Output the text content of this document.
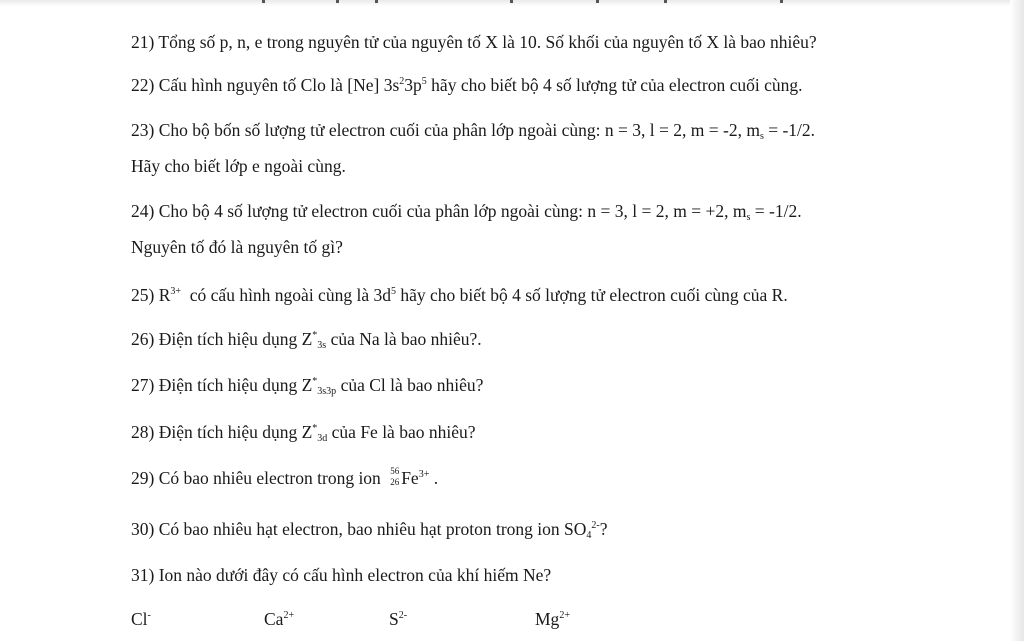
21) Tổng số p, n, e trong nguyên tử của nguyên tố X là 10. Số khối của nguyên tố X là bao nhiêu?
22) Cấu hình nguyên tố Clo là [Ne] $3s^23p^5$ hãy cho biết bộ 4 số lượng tử của electron cuối cùng.
23) Cho bộ bốn số lượng tử electron cuối của phân lớp ngoài cùng: n = 3, l = 2, m = -2, $m_s = -1/2$.
Hãy cho biết lớp e ngoài cùng.
24) Cho bộ 4 số lượng tử electron cuối của phân lớp ngoài cùng: n = 3, l = 2, m = +2, $m_s = -1/2$.
Nguyên tố đó là nguyên tố gì?
25) $R^{3+}$  có cấu hình ngoài cùng là $3d^5$ hãy cho biết bộ 4 số lượng tử electron cuối cùng của R.
26) Điện tích hiệu dụng $Z^*_{3s}$ của Na là bao nhiêu?.
27) Điện tích hiệu dụng $Z^*_{3s3p}$ của Cl là bao nhiêu?
28) Điện tích hiệu dụng $Z^*_{3d}$ của Fe là bao nhiêu?
29) Có bao nhiêu electron trong ion 56
26 $Fe^{3+}$ .
30) Có bao nhiêu hạt electron, bao nhiêu hạt proton trong ion $SO_4^{2-}$?
31) Ion nào dưới đây có cấu hình electron của khí hiếm Ne?
Cl-	$Ca^{2+}$	$S^{2-}$	$Mg^{2+}$
